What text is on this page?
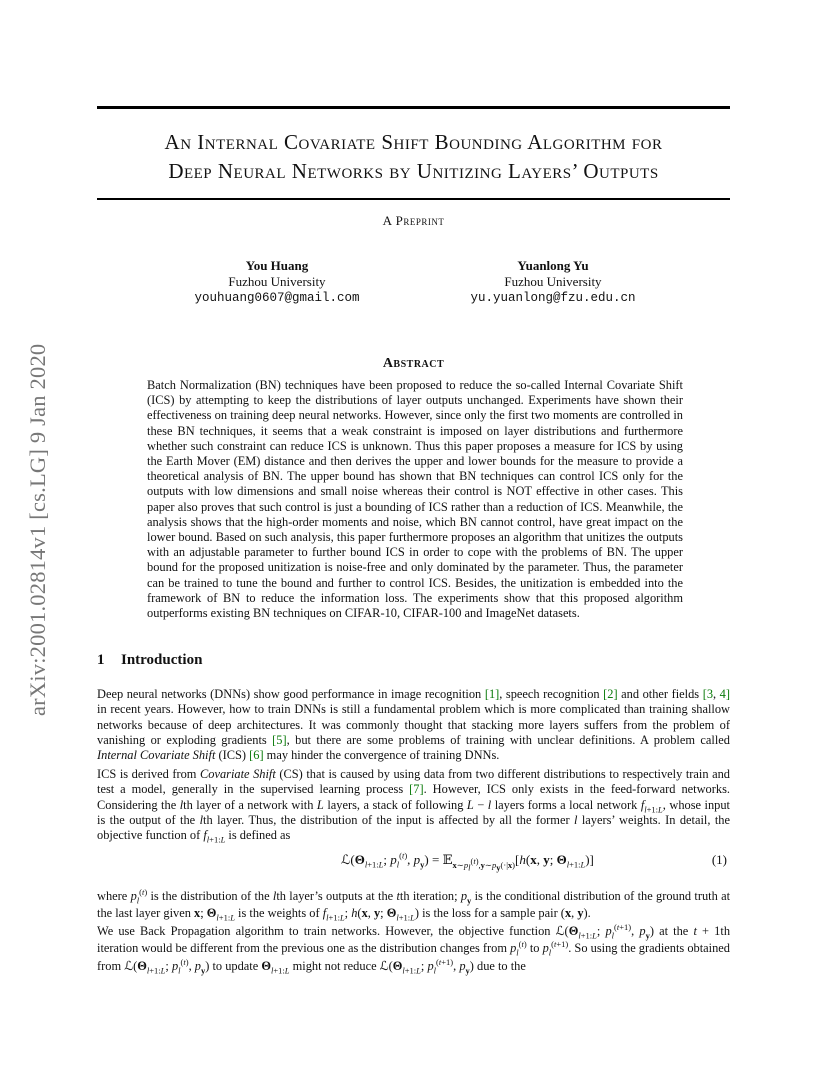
arXiv:2001.02814v1 [cs.LG] 9 Jan 2020
An Internal Covariate Shift Bounding Algorithm for
Deep Neural Networks by Unitizing Layers’ Outputs
A Preprint
You Huang
Fuzhou University
youhuang0607@gmail.com
Yuanlong Yu
Fuzhou University
yu.yuanlong@fzu.edu.cn
Abstract

Batch Normalization (BN) techniques have been proposed to reduce the so-called Internal Covariate Shift (ICS) by attempting to keep the distributions of layer outputs unchanged. Experiments have shown their effectiveness on training deep neural networks. However, since only the first two moments are controlled in these BN techniques, it seems that a weak constraint is imposed on layer distributions and furthermore whether such constraint can reduce ICS is unknown. Thus this paper proposes a measure for ICS by using the Earth Mover (EM) distance and then derives the upper and lower bounds for the measure to provide a theoretical analysis of BN. The upper bound has shown that BN techniques can control ICS only for the outputs with low dimensions and small noise whereas their control is NOT effective in other cases. This paper also proves that such control is just a bounding of ICS rather than a reduction of ICS. Meanwhile, the analysis shows that the high-order moments and noise, which BN cannot control, have great impact on the lower bound. Based on such analysis, this paper furthermore proposes an algorithm that unitizes the outputs with an adjustable parameter to further bound ICS in order to cope with the problems of BN. The upper bound for the proposed unitization is noise-free and only dominated by the parameter. Thus, the parameter can be trained to tune the bound and further to control ICS. Besides, the unitization is embedded into the framework of BN to reduce the information loss. The experiments show that this proposed algorithm outperforms existing BN techniques on CIFAR-10, CIFAR-100 and ImageNet datasets.

1 Introduction

Deep neural networks (DNNs) show good performance in image recognition [1], speech recognition [2] and other fields [3, 4] in recent years. However, how to train DNNs is still a fundamental problem which is more complicated than training shallow networks because of deep architectures. It was commonly thought that stacking more layers suffers from the problem of vanishing or exploding gradients [5], but there are some problems of training with unclear definitions. A problem called Internal Covariate Shift (ICS) [6] may hinder the convergence of training DNNs.

ICS is derived from Covariate Shift (CS) that is caused by using data from two different distributions to respectively train and test a model, generally in the supervised learning process [7]. However, ICS only exists in the feed-forward networks. Considering the lth layer of a network with L layers, a stack of following L − l layers forms a local network $f_{l+1:L}$, whose input is the output of the lth layer. Thus, the distribution of the input is affected by all the former l layers’ weights. In detail, the objective function of $f_{l+1:L}$ is defined as

$ℒ(\Theta_{l+1:L}$; $p_l^{(t)}$, $p_y$) = 𝔼$_{x\sim p_l^{(t)},y\sim p_y(\cdot|x)}$[h(x, y; $\Theta_{l+1:L}$)]	(1)

where $p_l^{(t)}$ is the distribution of the lth layer’s outputs at the tth iteration; $p_y$ is the conditional distribution of the ground truth at the last layer given x; $\Theta_{l+1:L}$ is the weights of $f_{l+1:L}$; h(x, y; $\Theta_{l+1:L}$) is the loss for a sample pair (x, y).
We use Back Propagation algorithm to train networks. However, the objective function $ℒ(\Theta_{l+1:L}$; $p_l^{(t+1)}$, $p_y$) at the t + 1th iteration would be different from the previous one as the distribution changes from $p_l^{(t)}$ to $p_l^{(t+1)}$. So using the gradients obtained from $ℒ(\Theta_{l+1:L}$; $p_l^{(t)}$, $p_y$) to update $\Theta_{l+1:L}$ might not reduce $ℒ(\Theta_{l+1:L}$; $p_l^{(t+1)}$, $p_y$) due to the
